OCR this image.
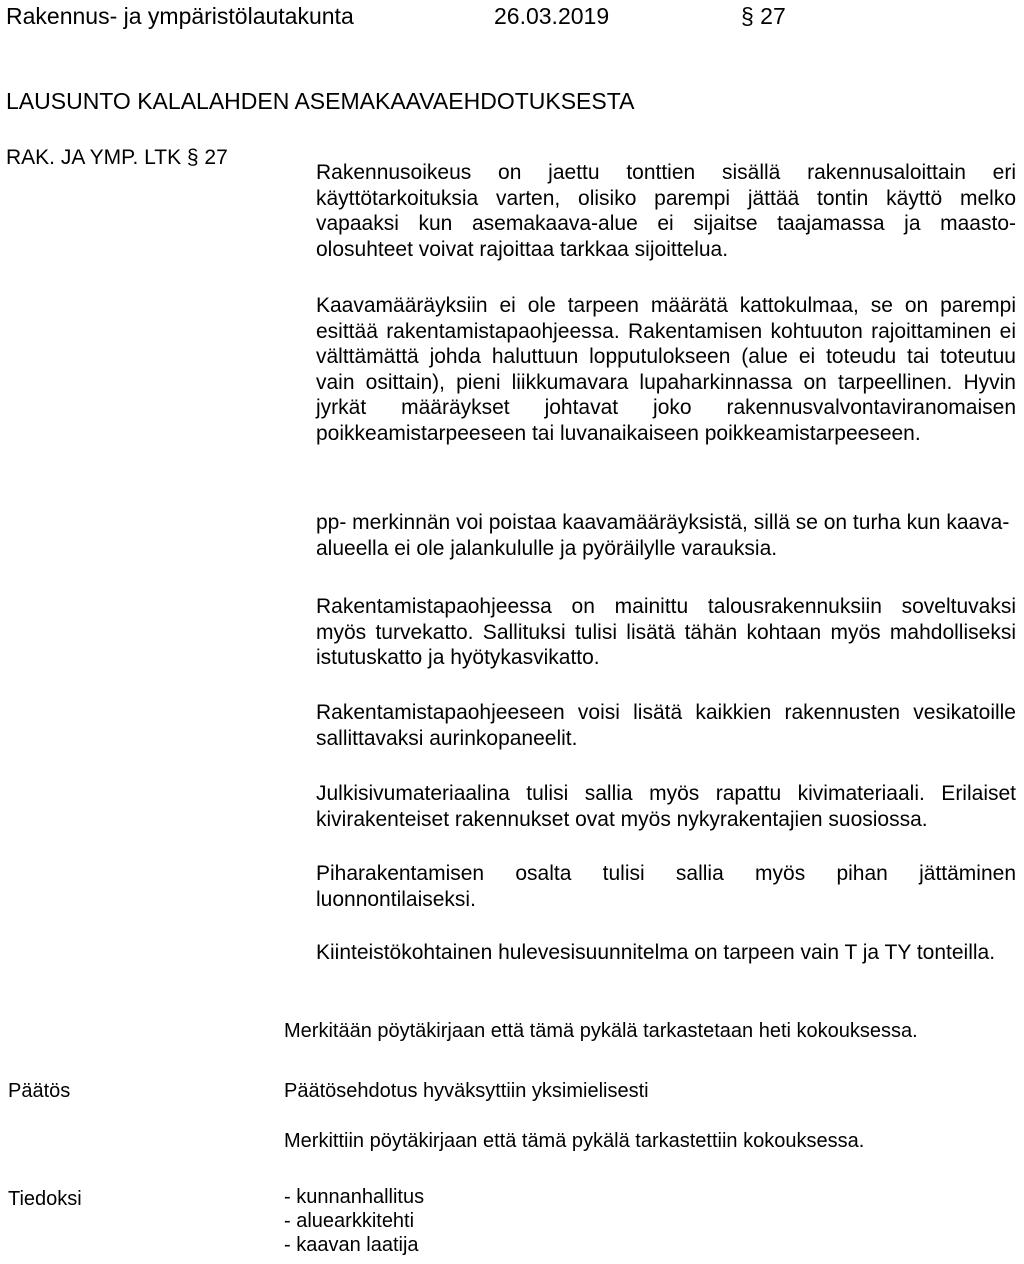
Rakennus- ja ympäristölautakunta	26.03.2019	§ 27
LAUSUNTO KALALAHDEN ASEMAKAAVAEHDOTUKSESTA
RAK. JA YMP. LTK § 27

Rakennusoikeus on jaettu tonttien sisällä rakennusaloittain eri käyttötarkoituksia varten, olisiko parempi jättää tontin käyttö melko vapaaksi kun asemakaava-alue ei sijaitse taajamassa ja maasto-olosuhteet voivat rajoittaa tarkkaa sijoittelua.

Kaavamääräyksiin ei ole tarpeen määrätä kattokulmaa, se on parempi esittää rakentamistapaohjeessa. Rakentamisen kohtuuton rajoittaminen ei välttämättä johda haluttuun lopputulokseen (alue ei toteudu tai toteutuu vain osittain), pieni liikkumavara lupaharkinnassa on tarpeellinen. Hyvin jyrkät määräykset johtavat joko rakennusvalvontaviranomaisen poikkeamistarpeeseen tai luvanaikaiseen poikkeamistarpeeseen.

pp- merkinnän voi poistaa kaavamääräyksistä, sillä se on turha kun kaava-alueella ei ole jalankululle ja pyöräilylle varauksia.

Rakentamistapaohjeessa on mainittu talousrakennuksiin soveltuvaksi myös turvekatto. Sallituksi tulisi lisätä tähän kohtaan myös mahdolliseksi istutuskatto ja hyötykasvikatto.

Rakentamistapaohjeeseen voisi lisätä kaikkien rakennusten vesikatoille sallittavaksi aurinkopaneelit.

Julkisivumateriaalina tulisi sallia myös rapattu kivimateriaali. Erilaiset kivirakenteiset rakennukset ovat myös nykyrakentajien suosiossa.

Piharakentamisen osalta tulisi sallia myös pihan jättäminen luonnontilaiseksi.

Kiinteistökohtainen hulevesisuunnitelma on tarpeen vain T ja TY tonteilla.

Merkitään pöytäkirjaan että tämä pykälä tarkastetaan heti kokouksessa.
Päätös	Päätösehdotus hyväksyttiin yksimielisesti
Merkittiin pöytäkirjaan että tämä pykälä tarkastettiin kokouksessa.
Tiedoksi	- kunnanhallitus
- aluearkkitehti
- kaavan laatija
